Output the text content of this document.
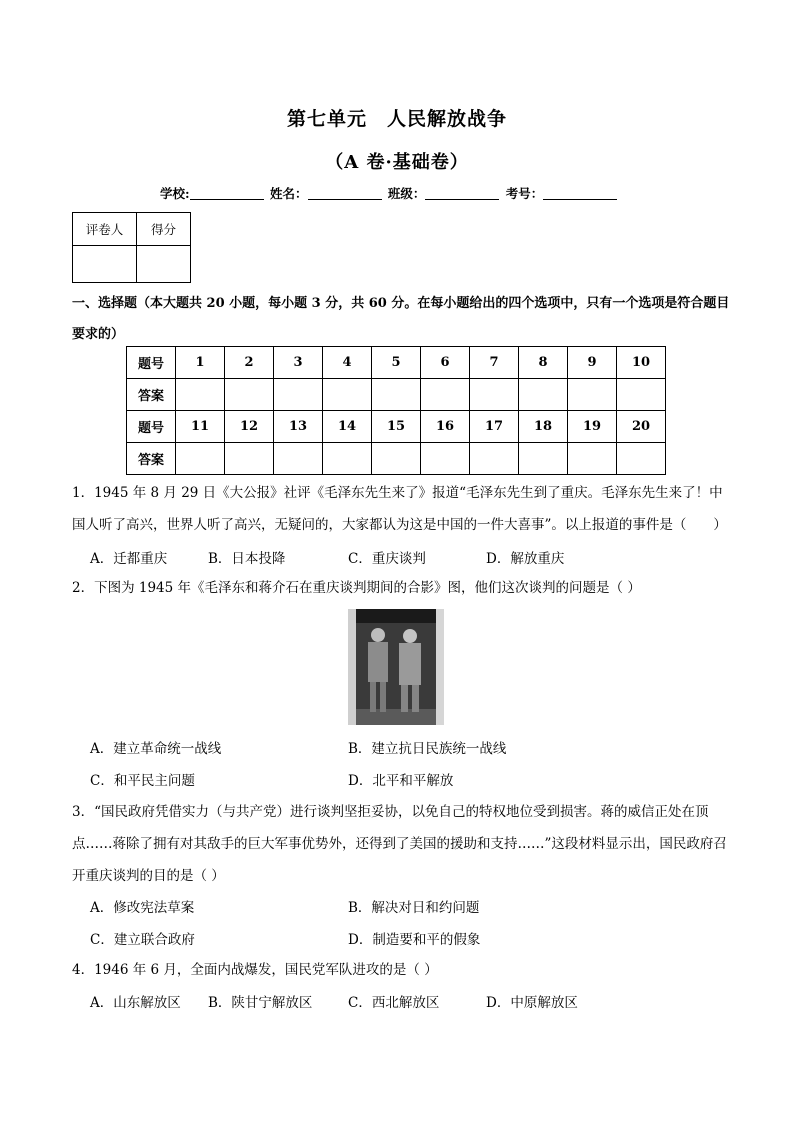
第七单元　人民解放战争
（A 卷·基础卷）
学校:	姓名：	班级：	考号：
评卷人	得分

一、选择题（本大题共 20 小题，每小题 3 分，共 60 分。在每小题给出的四个选项中，只有一个选项是符合题目要求的）
题号	1	2	3	4	5	6	7	8	9	10
答案										
题号	11	12	13	14	15	16	17	18	19	20
答案										
1．1945 年 8 月 29 日《大公报》社评《毛泽东先生来了》报道“毛泽东先生到了重庆。毛泽东先生来了！中国人听了高兴，世界人听了高兴，无疑问的，大家都认为这是中国的一件大喜事”。以上报道的事件是（　　）
A．迁都重庆	B．日本投降	C．重庆谈判	D．解放重庆
2．下图为 1945 年《毛泽东和蒋介石在重庆谈判期间的合影》图，他们这次谈判的问题是（ ）
A．建立革命统一战线	B．建立抗日民族统一战线
C．和平民主问题	D．北平和平解放
3．“国民政府凭借实力（与共产党）进行谈判坚拒妥协，以免自己的特权地位受到损害。蒋的威信正处在顶点……蒋除了拥有对其敌手的巨大军事优势外，还得到了美国的援助和支持……”这段材料显示出，国民政府召开重庆谈判的目的是（ ）
A．修改宪法草案	B．解决对日和约问题
C．建立联合政府	D．制造要和平的假象
4．1946 年 6 月，全面内战爆发，国民党军队进攻的是（ ）
A．山东解放区 B．陕甘宁解放区	C．西北解放区	D．中原解放区
